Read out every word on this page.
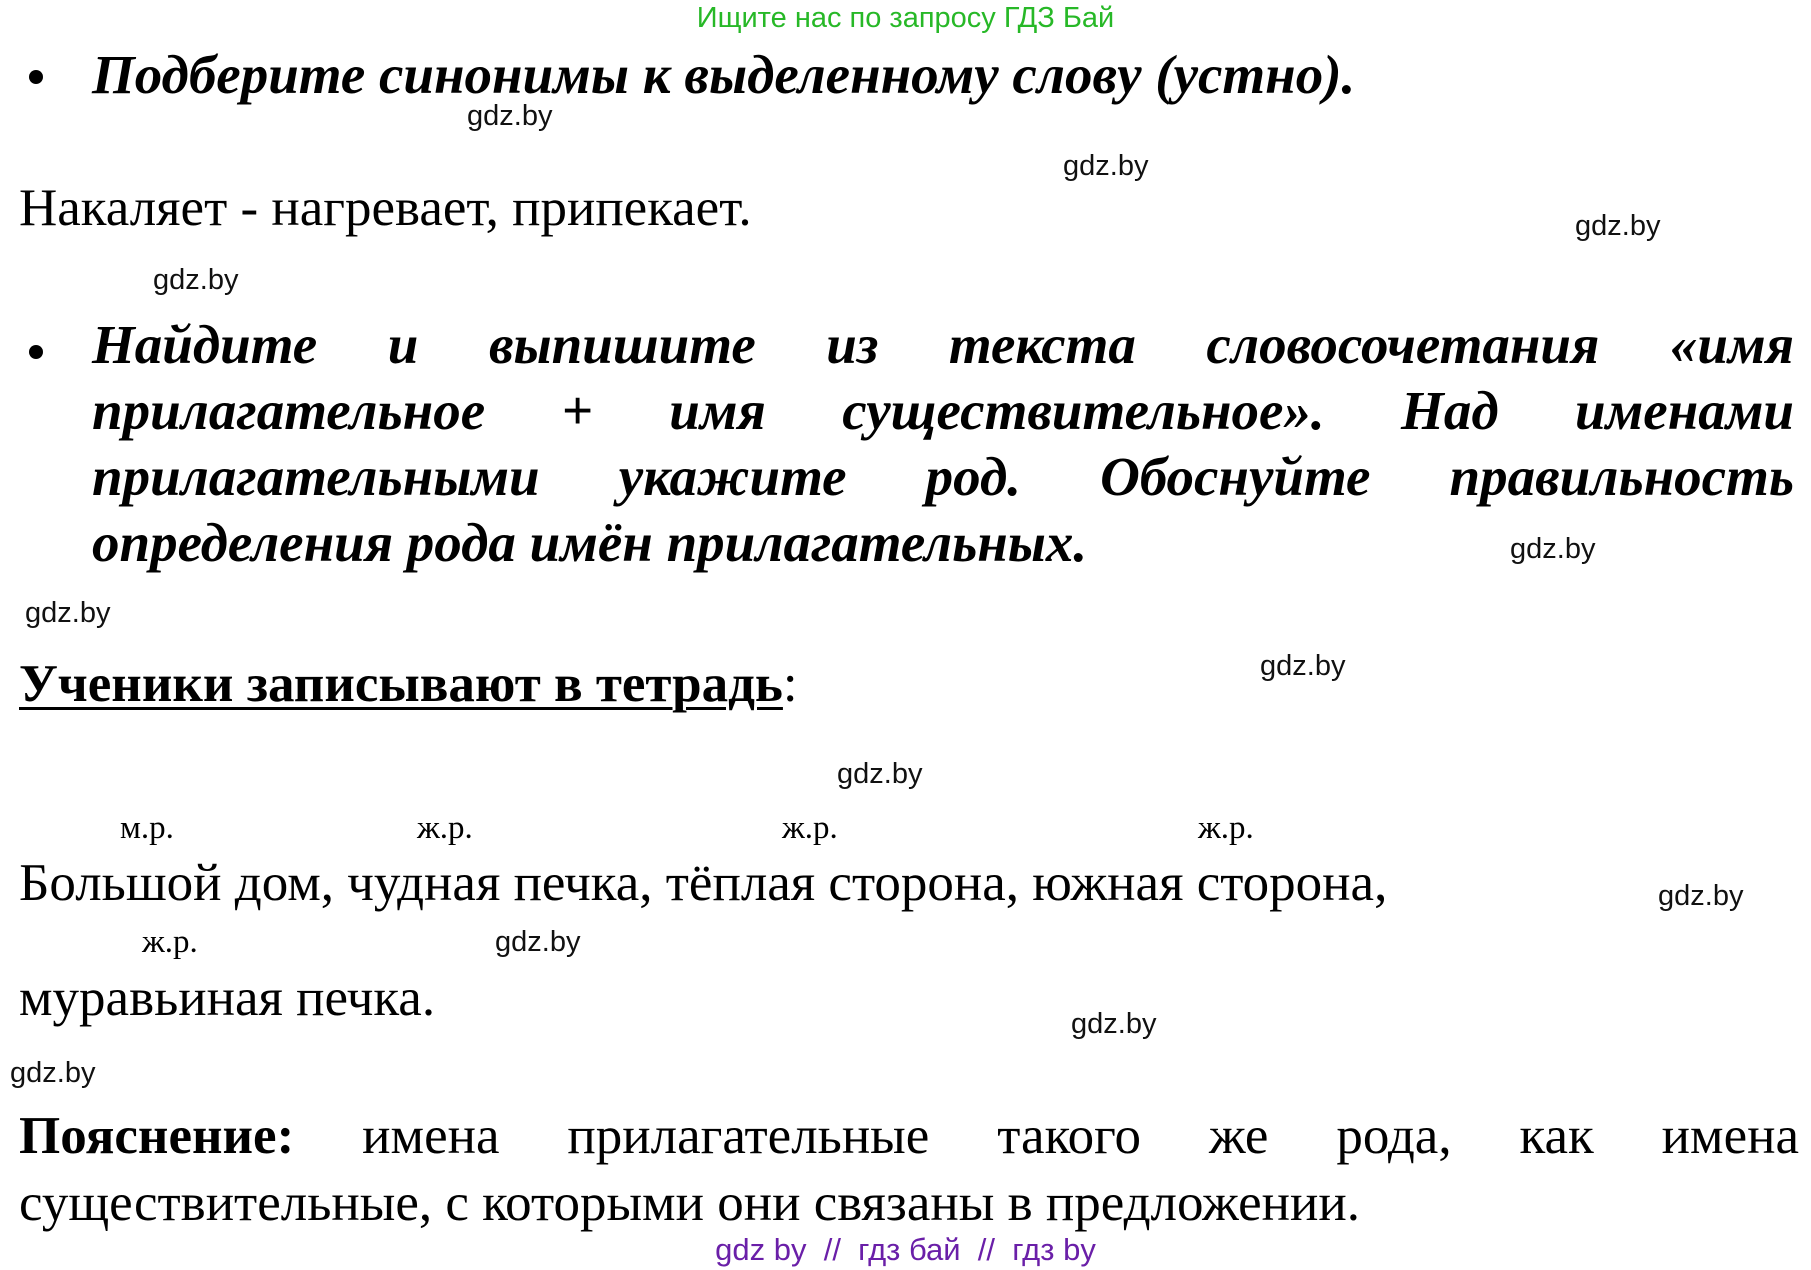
Ищите нас по запросу ГДЗ Бай
Подберите синонимы к выделенному слову (устно).
Накаляет - нагревает, припекает.
Найдите и выпишите из текста словосочетания «имя
прилагательное + имя существительное». Над именами
прилагательными укажите род. Обоснуйте правильность
определения рода имён прилагательных.
Ученики записывают в тетрадь:
м.р.	ж.р.	ж.р.	ж.р.
Большой дом, чудная печка, тёплая сторона, южная сторона,
ж.р.
муравьиная печка.
Пояснение: имена прилагательные такого же рода, как имена
существительные, с которыми они связаны в предложении.
gdz.by
gdz.by
gdz.by
gdz.by
gdz.by
gdz.by
gdz.by
gdz.by
gdz.by
gdz.by
gdz.by
gdz.by
gdz by  //  гдз бай  //  гдз by
